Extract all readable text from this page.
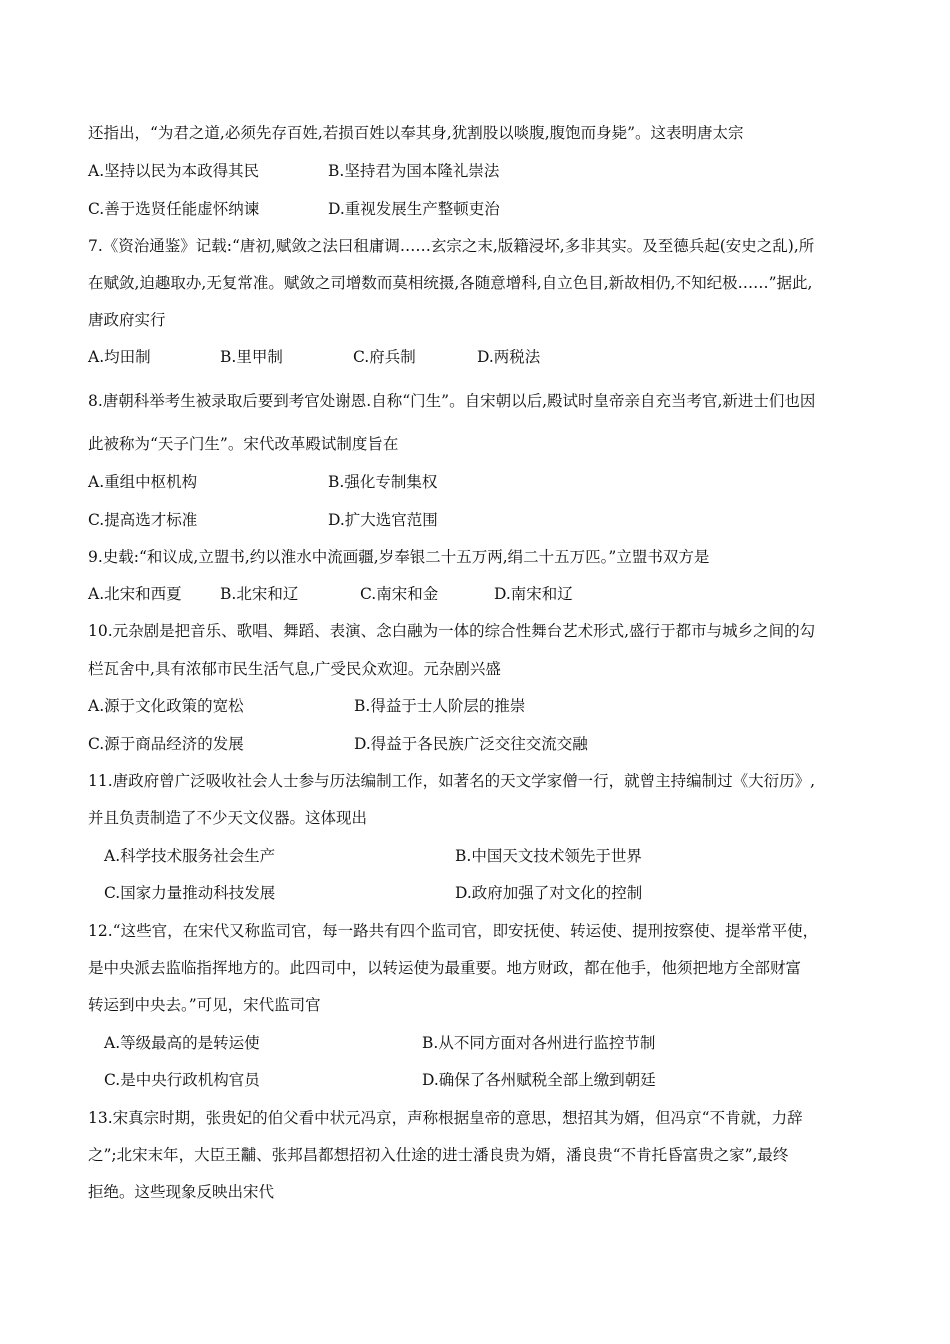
还指出，“为君之道,必须先存百姓,若损百姓以奉其身,犹割股以啖腹,腹饱而身毙”。这表明唐太宗
A.坚持以民为本政得其民	B.坚持君为国本隆礼崇法
C.善于选贤任能虚怀纳谏	D.重视发展生产整顿吏治
7.《资治通鉴》记载:“唐初,赋敛之法曰租庸调……玄宗之末,版籍浸坏,多非其实。及至德兵起(安史之乱),所
在赋敛,迫趣取办,无复常准。赋敛之司增数而莫相统摄,各随意增科,自立色目,新故相仍,不知纪极……”据此,
唐政府实行
A.均田制	B.里甲制	C.府兵制	D.两税法
8.唐朝科举考生被录取后要到考官处谢恩.自称“门生”。自宋朝以后,殿试时皇帝亲自充当考官,新进士们也因
此被称为“天子门生”。宋代改革殿试制度旨在
A.重组中枢机构	B.强化专制集权
C.提高选才标准	D.扩大选官范围
9.史载:“和议成,立盟书,约以淮水中流画疆,岁奉银二十五万两,绢二十五万匹。”立盟书双方是
A.北宋和西夏 B.北宋和辽	C.南宋和金	D.南宋和辽
10.元杂剧是把音乐、歌唱、舞蹈、表演、念白融为一体的综合性舞台艺术形式,盛行于都市与城乡之间的勾
栏瓦舍中,具有浓郁市民生活气息,广受民众欢迎。元杂剧兴盛
A.源于文化政策的宽松	B.得益于士人阶层的推崇
C.源于商品经济的发展	D.得益于各民族广泛交往交流交融
11.唐政府曾广泛吸收社会人士参与历法编制工作，如著名的天文学家僧一行，就曾主持编制过《大衍历》,
并且负责制造了不少天文仪器。这体现出
A.科学技术服务社会生产	B.中国天文技术领先于世界
C.国家力量推动科技发展	D.政府加强了对文化的控制
12.“这些官，在宋代又称监司官，每一路共有四个监司官，即安抚使、转运使、提刑按察使、提举常平使，
是中央派去监临指挥地方的。此四司中，以转运使为最重要。地方财政，都在他手，他须把地方全部财富
转运到中央去。”可见，宋代监司官
A.等级最高的是转运使	B.从不同方面对各州进行监控节制
C.是中央行政机构官员	D.确保了各州赋税全部上缴到朝廷
13.宋真宗时期，张贵妃的伯父看中状元冯京，声称根据皇帝的意思，想招其为婿，但冯京“不肯就，力辞
之”;北宋末年，大臣王黼、张邦昌都想招初入仕途的进士潘良贵为婿，潘良贵“不肯托昏富贵之家”,最终
拒绝。这些现象反映出宋代
